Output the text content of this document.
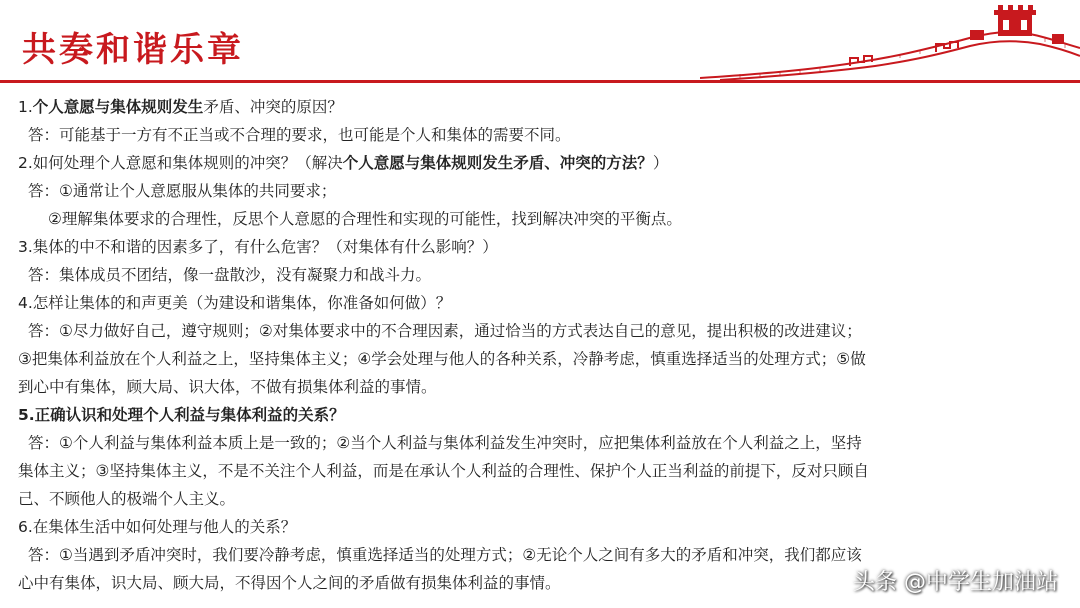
共奏和谐乐章
1.个人意愿与集体规则发生矛盾、冲突的原因？
答：可能基于一方有不正当或不合理的要求，也可能是个人和集体的需要不同。
2.如何处理个人意愿和集体规则的冲突？（解决个人意愿与集体规则发生矛盾、冲突的方法？）
答：①通常让个人意愿服从集体的共同要求；
②理解集体要求的合理性，反思个人意愿的合理性和实现的可能性，找到解决冲突的平衡点。
3.集体的中不和谐的因素多了，有什么危害？（对集体有什么影响？）
答：集体成员不团结，像一盘散沙，没有凝聚力和战斗力。
4.怎样让集体的和声更美（为建设和谐集体，你准备如何做）？
答：①尽力做好自己，遵守规则；②对集体要求中的不合理因素，通过恰当的方式表达自己的意见，提出积极的改进建议；
③把集体利益放在个人利益之上，坚持集体主义；④学会处理与他人的各种关系，冷静考虑，慎重选择适当的处理方式；⑤做
到心中有集体，顾大局、识大体，不做有损集体利益的事情。
5.正确认识和处理个人利益与集体利益的关系？
答：①个人利益与集体利益本质上是一致的；②当个人利益与集体利益发生冲突时，应把集体利益放在个人利益之上，坚持
集体主义；③坚持集体主义，不是不关注个人利益，而是在承认个人利益的合理性、保护个人正当利益的前提下，反对只顾自
己、不顾他人的极端个人主义。
6.在集体生活中如何处理与他人的关系？
答：①当遇到矛盾冲突时，我们要冷静考虑，慎重选择适当的处理方式；②无论个人之间有多大的矛盾和冲突，我们都应该
心中有集体，识大局、顾大局，不得因个人之间的矛盾做有损集体利益的事情。	头条 @中学生加油站
